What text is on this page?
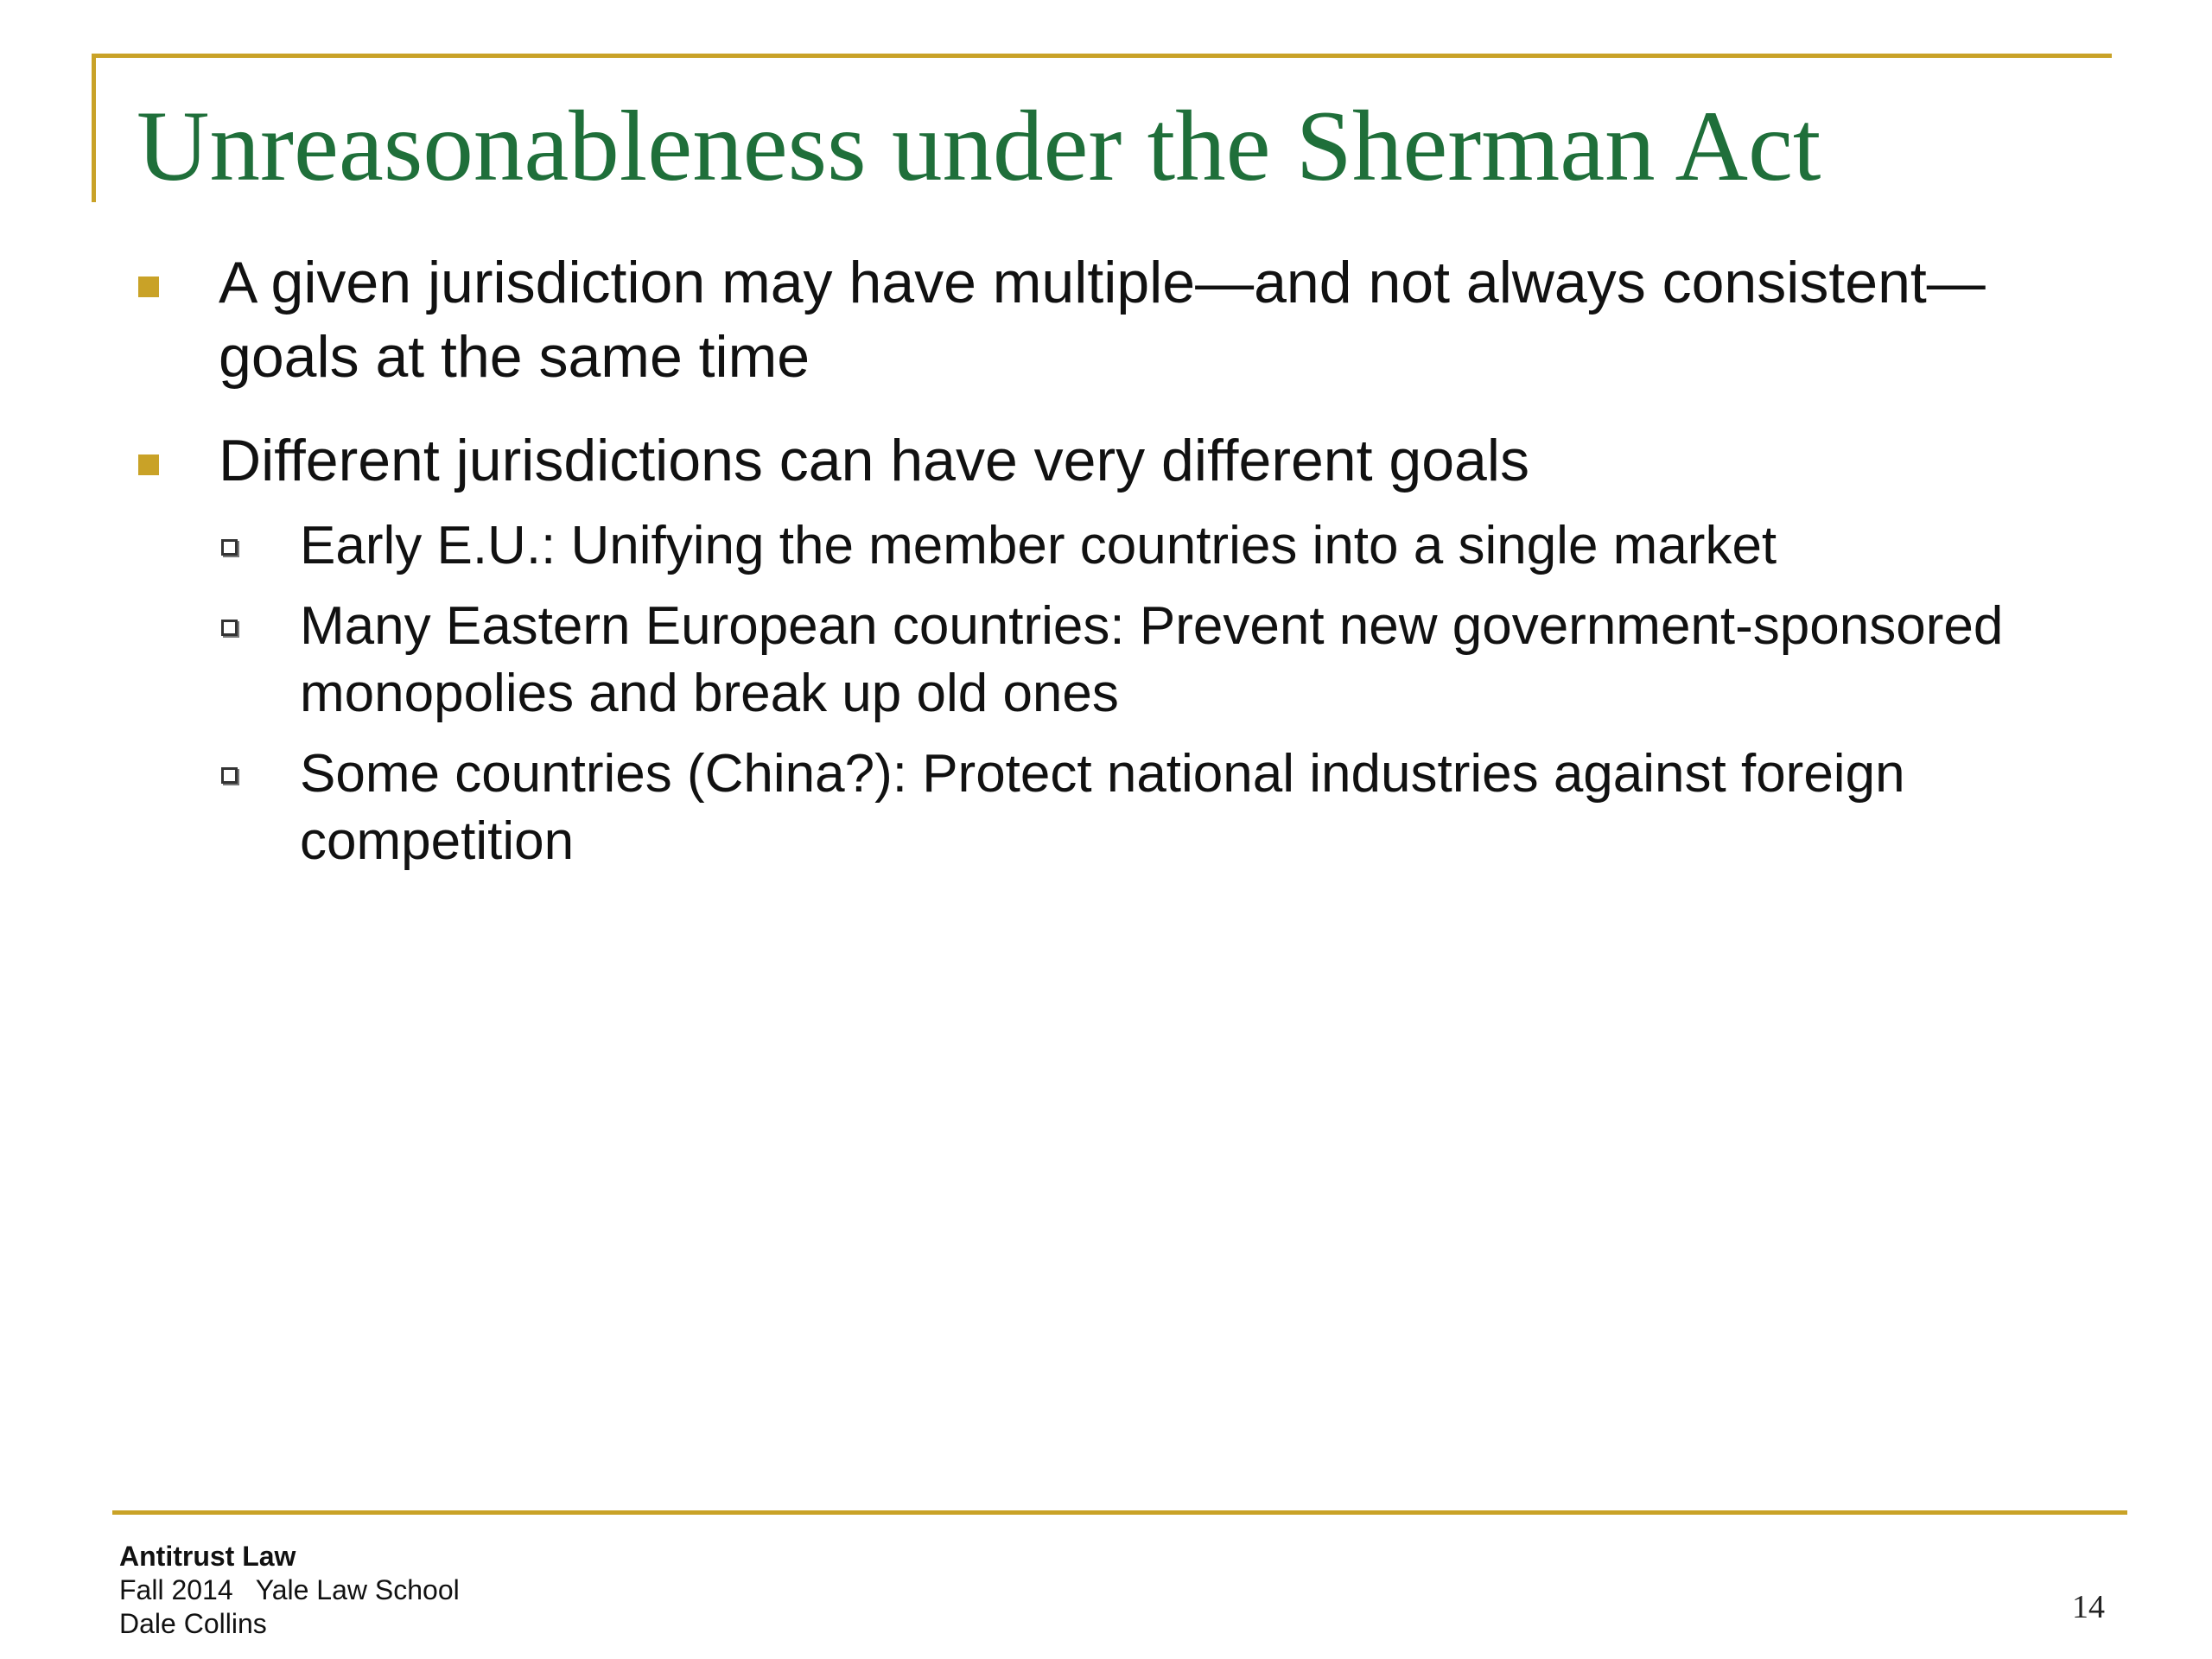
Unreasonableness under the Sherman Act
A given jurisdiction may have multiple—and not always consistent—goals at the same time
Different jurisdictions can have very different goals
Early E.U.: Unifying the member countries into a single market
Many Eastern European countries: Prevent new government-sponsored monopolies and break up old ones
Some countries (China?): Protect national industries against foreign competition
Antitrust Law
Fall 2014   Yale Law School
Dale Collins	14
